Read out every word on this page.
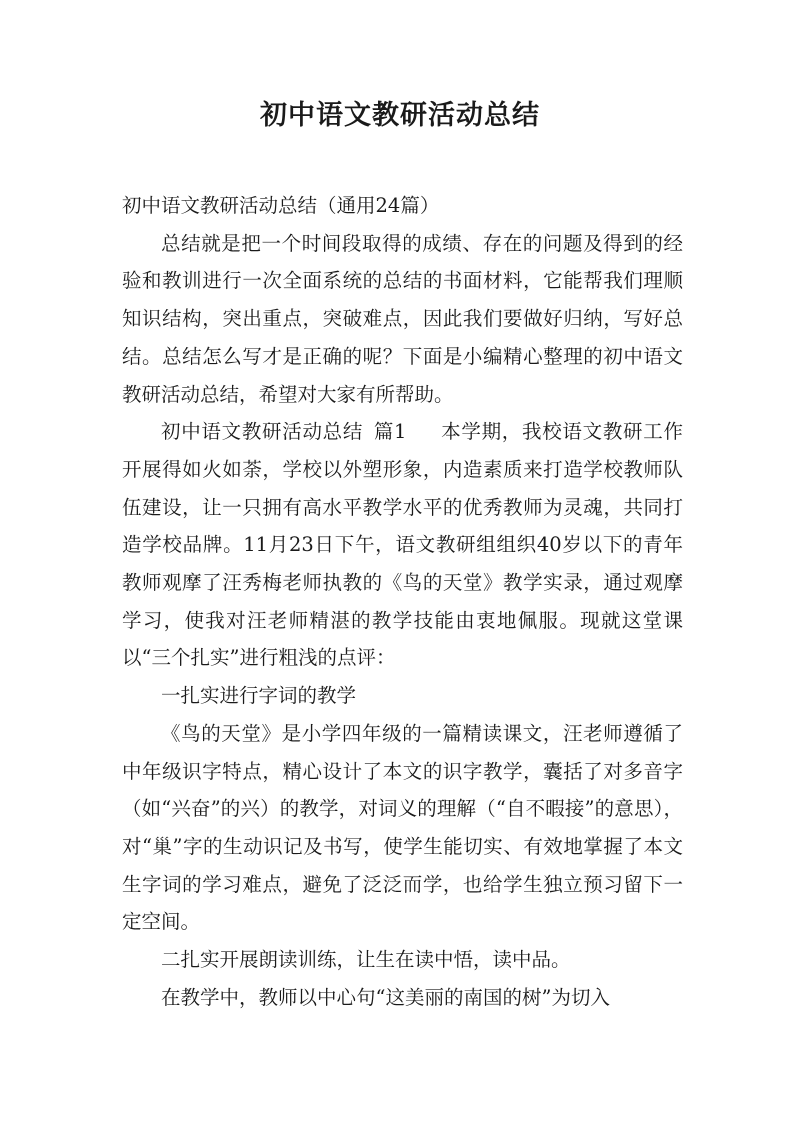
初中语文教研活动总结

初中语文教研活动总结（通用24篇）

总结就是把一个时间段取得的成绩、存在的问题及得到的经验和教训进行一次全面系统的总结的书面材料，它能帮我们理顺知识结构，突出重点，突破难点，因此我们要做好归纳，写好总结。总结怎么写才是正确的呢？下面是小编精心整理的初中语文教研活动总结，希望对大家有所帮助。

初中语文教研活动总结 篇1 本学期，我校语文教研工作开展得如火如荼，学校以外塑形象，内造素质来打造学校教师队伍建设，让一只拥有高水平教学水平的优秀教师为灵魂，共同打造学校品牌。11月23日下午，语文教研组组织40岁以下的青年教师观摩了汪秀梅老师执教的《鸟的天堂》教学实录，通过观摩学习，使我对汪老师精湛的教学技能由衷地佩服。现就这堂课以“三个扎实”进行粗浅的点评：

一扎实进行字词的教学

《鸟的天堂》是小学四年级的一篇精读课文，汪老师遵循了中年级识字特点，精心设计了本文的识字教学，囊括了对多音字（如“兴奋”的兴）的教学，对词义的理解（“自不暇接”的意思），对“巢”字的生动识记及书写，使学生能切实、有效地掌握了本文生字词的学习难点，避免了泛泛而学，也给学生独立预习留下一定空间。

二扎实开展朗读训练，让生在读中悟，读中品。

在教学中，教师以中心句“这美丽的南国的树”为切入
